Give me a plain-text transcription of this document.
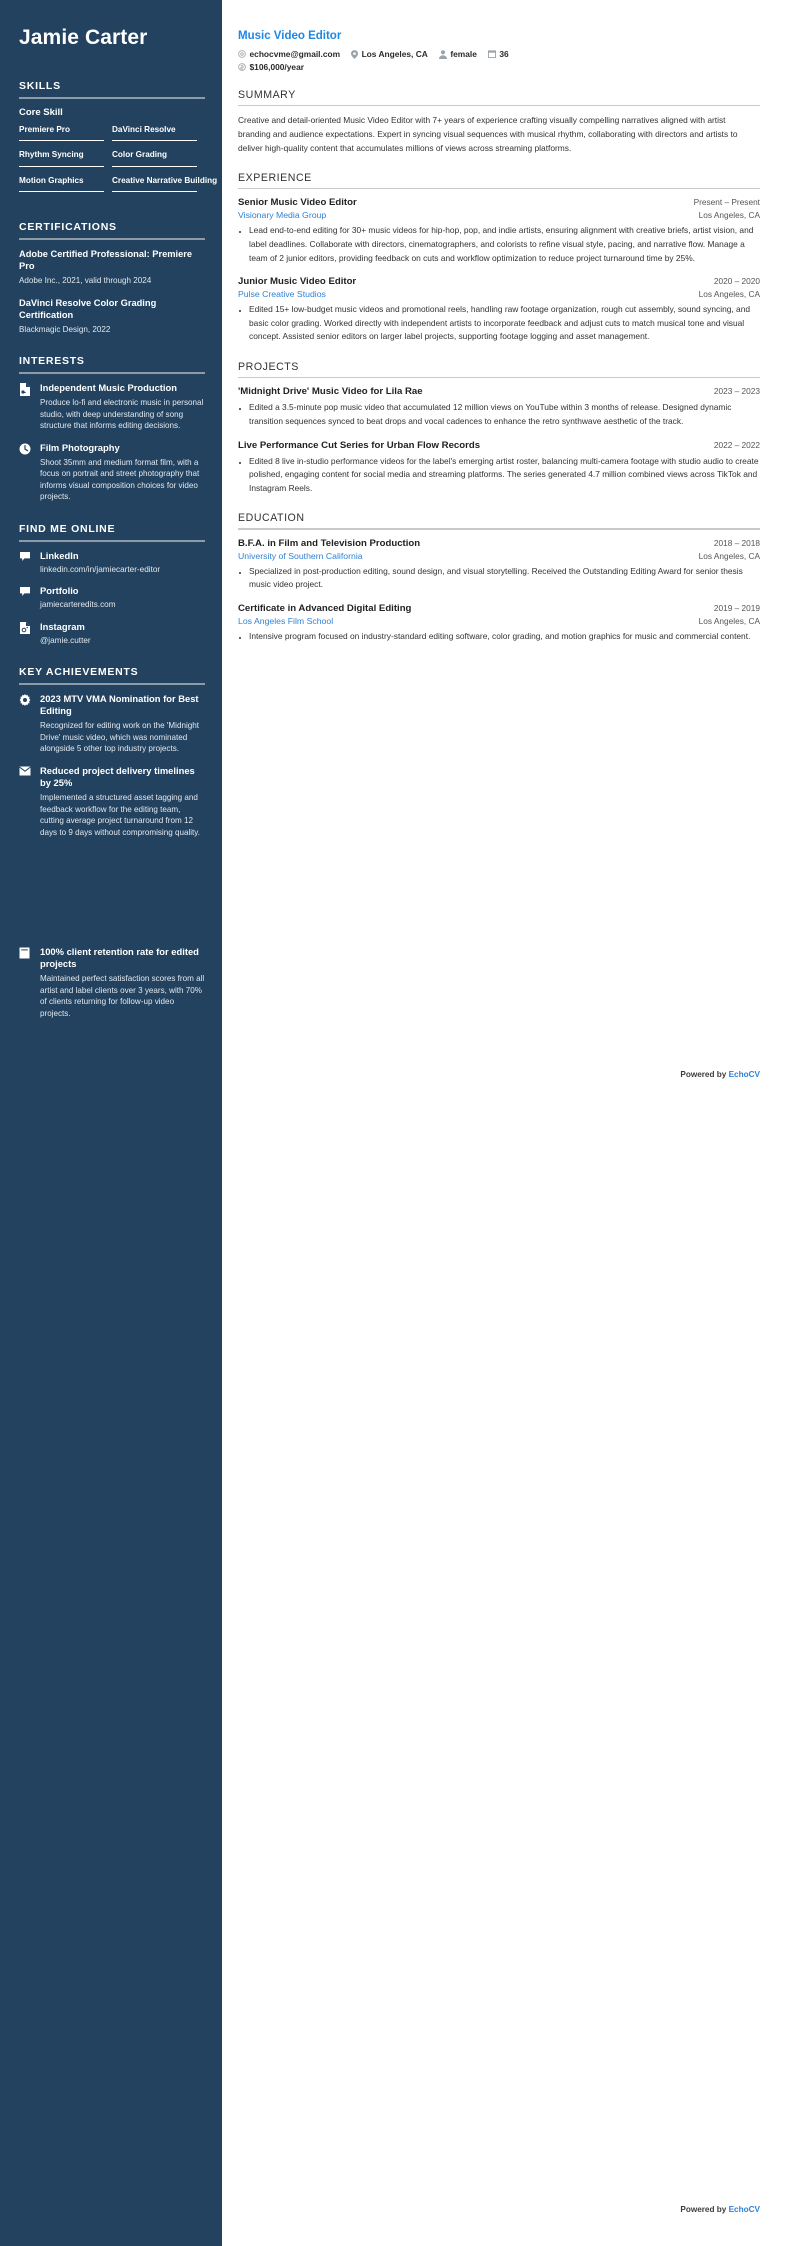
Jamie Carter
SKILLS
Core Skill
Premiere Pro	DaVinci Resolve
Rhythm Syncing	Color Grading
Motion Graphics	Creative Narrative Building
CERTIFICATIONS
Adobe Certified Professional: Premiere Pro
Adobe Inc., 2021, valid through 2024
DaVinci Resolve Color Grading Certification
Blackmagic Design, 2022
INTERESTS
Independent Music Production
Produce lo-fi and electronic music in personal studio, with deep understanding of song structure that informs editing decisions.
Film Photography
Shoot 35mm and medium format film, with a focus on portrait and street photography that informs visual composition choices for video projects.
FIND ME ONLINE
LinkedIn
linkedin.com/in/jamiecarter-editor
Portfolio
jamiecarteredits.com
Instagram
@jamie.cutter
KEY ACHIEVEMENTS
2023 MTV VMA Nomination for Best Editing
Recognized for editing work on the 'Midnight Drive' music video, which was nominated alongside 5 other top industry projects.
Reduced project delivery timelines by 25%
Implemented a structured asset tagging and feedback workflow for the editing team, cutting average project turnaround from 12 days to 9 days without compromising quality.
100% client retention rate for edited projects
Maintained perfect satisfaction scores from all artist and label clients over 3 years, with 70% of clients returning for follow-up video projects.
Music Video Editor
echocvme@gmail.com	Los Angeles, CA	female	36
$106,000/year
SUMMARY

Creative and detail-oriented Music Video Editor with 7+ years of experience crafting visually compelling narratives aligned with artist branding and audience expectations. Expert in syncing visual sequences with musical rhythm, collaborating with directors and artists to deliver high-quality content that accumulates millions of views across streaming platforms.

EXPERIENCE
Senior Music Video Editor	Present – Present
Visionary Media Group	Los Angeles, CA
• Lead end-to-end editing for 30+ music videos for hip-hop, pop, and indie artists, ensuring alignment with creative briefs, artist vision, and label deadlines. Collaborate with directors, cinematographers, and colorists to refine visual style, pacing, and narrative flow. Manage a team of 2 junior editors, providing feedback on cuts and workflow optimization to reduce project turnaround time by 25%.
Junior Music Video Editor	2020 – 2020
Pulse Creative Studios	Los Angeles, CA
• Edited 15+ low-budget music videos and promotional reels, handling raw footage organization, rough cut assembly, sound syncing, and basic color grading. Worked directly with independent artists to incorporate feedback and adjust cuts to match musical tone and visual concept. Assisted senior editors on larger label projects, supporting footage logging and asset management.
PROJECTS
'Midnight Drive' Music Video for Lila Rae	2023 – 2023
• Edited a 3.5-minute pop music video that accumulated 12 million views on YouTube within 3 months of release. Designed dynamic transition sequences synced to beat drops and vocal cadences to enhance the retro synthwave aesthetic of the track.
Live Performance Cut Series for Urban Flow Records	2022 – 2022
• Edited 8 live in-studio performance videos for the label's emerging artist roster, balancing multi-camera footage with studio audio to create polished, engaging content for social media and streaming platforms. The series generated 4.7 million combined views across TikTok and Instagram Reels.
EDUCATION
B.F.A. in Film and Television Production	2018 – 2018
University of Southern California	Los Angeles, CA
• Specialized in post-production editing, sound design, and visual storytelling. Received the Outstanding Editing Award for senior thesis music video project.
Certificate in Advanced Digital Editing	2019 – 2019
Los Angeles Film School	Los Angeles, CA
• Intensive program focused on industry-standard editing software, color grading, and motion graphics for music and commercial content.
Powered by EchoCV
Powered by EchoCV
